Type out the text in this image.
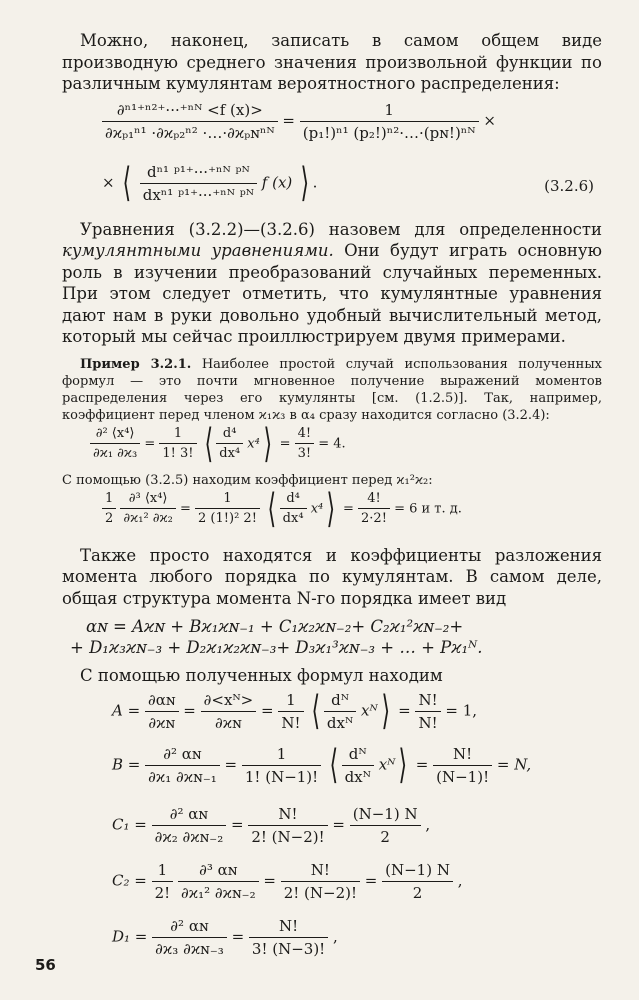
Можно, наконец, записать в самом общем виде производную среднего значения произвольной функции по различным кумулянтам вероятностного распределения:

$\frac{\text{∂ⁿ¹⁺ⁿ²⁺···⁺ⁿᴺ <f (x)>}}{\text{∂ϰₚ₁ⁿ¹ ·∂ϰₚ₂ⁿ² ·…·∂ϰₚɴⁿᴺ}} = \frac{1}{\text{(p₁!)ⁿ¹ (p₂!)ⁿ²·…·(pɴ!)ⁿᴺ}}$ ×
× ⟨ $\frac{\text{dⁿ¹ ᵖ¹⁺···⁺ⁿᴺ ᵖᴺ}}{\text{dxⁿ¹ ᵖ¹⁺···⁺ⁿᴺ ᵖᴺ}}$ f (x) ⟩ .	(3.2.6)

Уравнения (3.2.2)—(3.2.6) назовем для определенности кумулянтными уравнениями. Они будут играть основную роль в изучении преобразований случайных переменных. При этом следует отметить, что кумулянтные уравнения дают нам в руки довольно удобный вычислительный метод, который мы сейчас проиллюстрируем двумя примерами.

Пример 3.2.1. Наиболее простой случай использования полученных формул — это почти мгновенное получение выражений моментов распределения через его кумулянты [см. (1.2.5)]. Так, например, коэффициент перед членом ϰ₁ϰ₃ в α₄ сразу находится согласно (3.2.4):

$\frac{\text{∂² ⟨x⁴⟩}}{\text{∂ϰ₁ ∂ϰ₃}} = \frac{1}{1! 3!}$ ⟨ $\frac{\text{d⁴}}{\text{dx⁴}}$ x⁴⟩ = $\frac{4!}{3!} = 4$.

С помощью (3.2.5) находим коэффициент перед ϰ₁²ϰ₂:

$\frac{1}{2}$
$\frac{\text{∂³ ⟨x⁴⟩}}{\text{∂ϰ₁² ∂ϰ₂}} = \frac{1}{\text{2 (1!)² 2!}}$ ⟨ $\frac{\text{d⁴}}{\text{dx⁴}}$ x⁴⟩ = $\frac{4!}{2\cdot 2!} = 6$ и т. д.

Также просто находятся и коэффициенты разложения момента любого порядка по кумулянтам. В самом деле, общая структура момента N-го порядка имеет вид

αɴ = Aϰɴ + Bϰ₁ϰɴ₋₁ + C₁ϰ₂ϰɴ₋₂+ C₂ϰ₁²ϰɴ₋₂+
+ D₁ϰ₃ϰɴ₋₃ + D₂ϰ₁ϰ₂ϰɴ₋₃+ D₃ϰ₁³ϰɴ₋₃ + … + Pϰ₁ᴺ.

С помощью полученных формул находим

$A = \frac{\text{∂αɴ}}{\text{∂ϰɴ}} = \frac{\text{∂<xᴺ>}}{\text{∂ϰɴ}} = \frac{1}{N!}$ ⟨ $\frac{\text{dᴺ}}{\text{dxᴺ}}$ xᴺ⟩ = $\frac{N!}{N!} = 1$,
$B = \frac{\text{∂² αɴ}}{\text{∂ϰ₁ ∂ϰɴ₋₁}} = \frac{1}{1! (N-1)!}$ ⟨ $\frac{\text{dᴺ}}{\text{dxᴺ}}$ xᴺ⟩ = $\frac{N!}{(N-1)!} = N$,
$C_1 = \frac{\text{∂² αɴ}}{\text{∂ϰ₂ ∂ϰɴ₋₂}} = \frac{N!}{2! (N-2)!} = \frac{(N-1) N}{2}$ ,
$C_2 = \frac{1}{2!}$
$\frac{\text{∂³ αɴ}}{\text{∂ϰ₁² ∂ϰɴ₋₂}} = \frac{N!}{2! (N-2)!} = \frac{(N-1) N}{2}$ ,
$D_1 = \frac{\text{∂² αɴ}}{\text{∂ϰ₃ ∂ϰɴ₋₃}} = \frac{N!}{3! (N-3)!}$ ,
56
